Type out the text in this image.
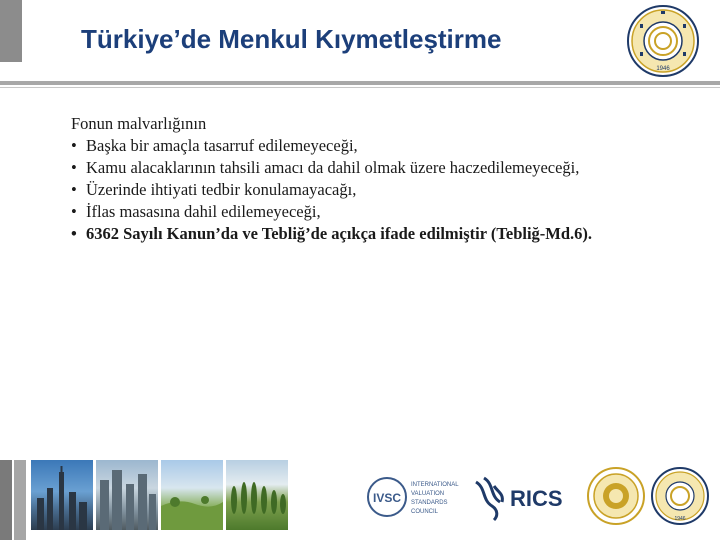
Türkiye’de Menkul Kıymetleştirme
1946

Fonun malvarlığının

• Başka bir amaçla tasarruf edilemeyeceği,
• Kamu alacaklarının tahsili amacı da dahil olmak üzere haczedilemeyeceği,
• Üzerinde ihtiyati tedbir konulamayacağı,
• İflas masasına dahil edilemeyeceği,
• 6362 Sayılı Kanun’da ve Tebliğ’de açıkça ifade edilmiştir (Tebliğ-Md.6).
IVSC
INTERNATIONAL
VALUATION
STANDARDS
COUNCIL
RICS
1946
